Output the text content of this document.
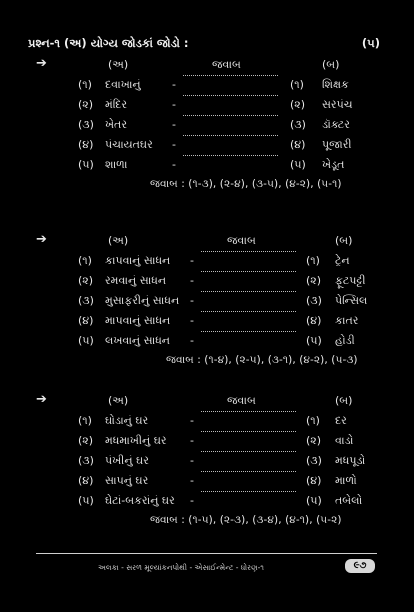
પ્રશ્ન-૧ (અ) યોગ્ય જોડકાં જોડો :	(૫)
➔	(અ)	જવાબ	(બ)
(૧) દવાખાનું	-	(૧) શિક્ષક
(૨) મંદિર	-	(૨) સરપંચ
(૩) ખેતર	-	(૩) ડૉક્ટર
(૪) પંચાયતઘર -	(૪) પૂજારી
(૫) શાળા	-	(૫) ખેડૂત
જવાબ : (૧-૩), (૨-૪), (૩-૫), (૪-૨), (૫-૧)
➔	(અ)	જવાબ	(બ)
(૧) કાપવાનું સાધન -	(૧) ટ્રેન
(૨) રમવાનું સાધન -	(૨) ફૂટપટ્ટી
(૩) મુસાફરીનું સાધન -	(૩) પેન્સિલ
(૪) માપવાનું સાધન -	(૪) કાતર
(૫) લખવાનું સાધન -	(૫) હોડી
જવાબ : (૧-૪), (૨-૫), (૩-૧), (૪-૨), (૫-૩)
➔	(અ)	જવાબ	(બ)
(૧) ઘોડાનું ઘર	-	(૧) દર
(૨) મધમાખીનું ઘર -	(૨) વાડો
(૩) પંખીનું ઘર	-	(૩) મધપૂડો
(૪) સાપનું ઘર	-	(૪) માળો
(૫) ઘેટાં-બકરાંનું ઘર -	(૫) તબેલો
જવાબ : (૧-૫), (૨-૩), (૩-૪), (૪-૧), (૫-૨)
અલકા - સરળ મૂલ્યાંકનપોથી - એસાઈન્મેન્ટ - ધોરણ-૧	૯૭
